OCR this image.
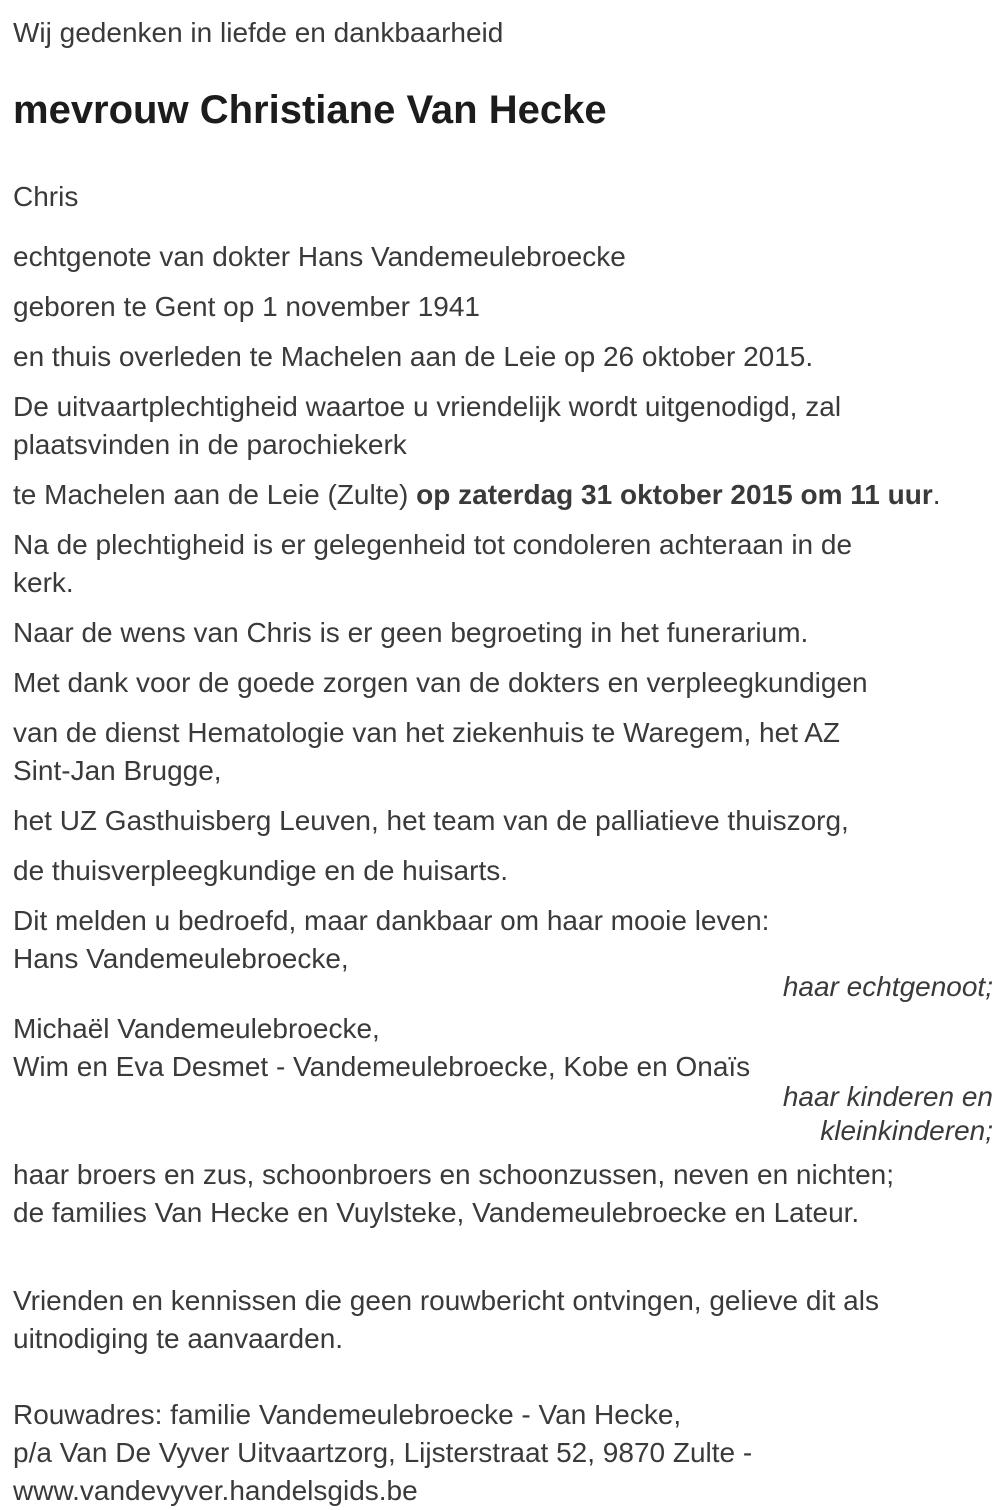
Wij gedenken in liefde en dankbaarheid

mevrouw Christiane Van Hecke

Chris

echtgenote van dokter Hans Vandemeulebroecke

geboren te Gent op 1 november 1941

en thuis overleden te Machelen aan de Leie op 26 oktober 2015.

De uitvaartplechtigheid waartoe u vriendelijk wordt uitgenodigd, zal
plaatsvinden in de parochiekerk

te Machelen aan de Leie (Zulte) op zaterdag 31 oktober 2015 om 11 uur.

Na de plechtigheid is er gelegenheid tot condoleren achteraan in de
kerk.

Naar de wens van Chris is er geen begroeting in het funerarium.

Met dank voor de goede zorgen van de dokters en verpleegkundigen

van de dienst Hematologie van het ziekenhuis te Waregem, het AZ
Sint-Jan Brugge,

het UZ Gasthuisberg Leuven, het team van de palliatieve thuiszorg,

de thuisverpleegkundige en de huisarts.

Dit melden u bedroefd, maar dankbaar om haar mooie leven:
Hans Vandemeulebroecke,

haar echtgenoot;

Michaël Vandemeulebroecke,
Wim en Eva Desmet - Vandemeulebroecke, Kobe en Onaïs

haar kinderen en
kleinkinderen;

haar broers en zus, schoonbroers en schoonzussen, neven en nichten;
de families Van Hecke en Vuylsteke, Vandemeulebroecke en Lateur.

Vrienden en kennissen die geen rouwbericht ontvingen, gelieve dit als
uitnodiging te aanvaarden.

Rouwadres: familie Vandemeulebroecke - Van Hecke,
p/a Van De Vyver Uitvaartzorg, Lijsterstraat 52, 9870 Zulte -
www.vandevyver.handelsgids.be
